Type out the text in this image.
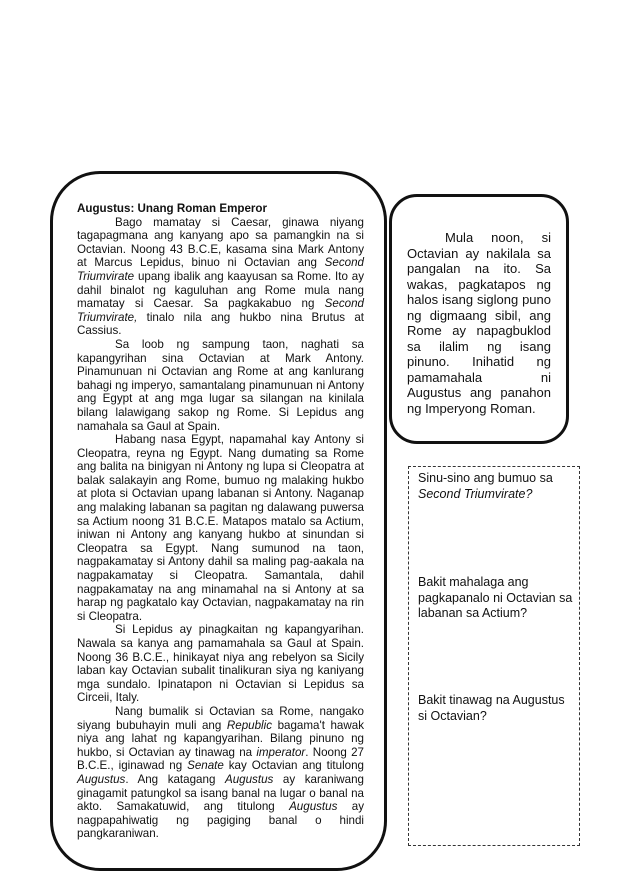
Augustus: Unang Roman Emperor

Bago mamatay si Caesar, ginawa niyang tagapagmana ang kanyang apo sa pamangkin na si Octavian. Noong 43 B.C.E, kasama sina Mark Antony at Marcus Lepidus, binuo ni Octavian ang Second Triumvirate upang ibalik ang kaayusan sa Rome. Ito ay dahil binalot ng kaguluhan ang Rome mula nang mamatay si Caesar. Sa pagkakabuo ng Second Triumvirate, tinalo nila ang hukbo nina Brutus at Cassius.

Sa loob ng sampung taon, naghati sa kapangyrihan sina Octavian at Mark Antony. Pinamunuan ni Octavian ang Rome at ang kanlurang bahagi ng imperyo, samantalang pinamunuan ni Antony ang Egypt at ang mga lugar sa silangan na kinilala bilang lalawigang sakop ng Rome. Si Lepidus ang namahala sa Gaul at Spain.

Habang nasa Egypt, napamahal kay Antony si Cleopatra, reyna ng Egypt. Nang dumating sa Rome ang balita na binigyan ni Antony ng lupa si Cleopatra at balak salakayin ang Rome, bumuo ng malaking hukbo at plota si Octavian upang labanan si Antony. Naganap ang malaking labanan sa pagitan ng dalawang puwersa sa Actium noong 31 B.C.E. Matapos matalo sa Actium, iniwan ni Antony ang kanyang hukbo at sinundan si Cleopatra sa Egypt. Nang sumunod na taon, nagpakamatay si Antony dahil sa maling pag-aakala na nagpakamatay si Cleopatra. Samantala, dahil nagpakamatay na ang minamahal na si Antony at sa harap ng pagkatalo kay Octavian, nagpakamatay na rin si Cleopatra.

Si Lepidus ay pinagkaitan ng kapangyarihan. Nawala sa kanya ang pamamahala sa Gaul at Spain. Noong 36 B.C.E., hinikayat niya ang rebelyon sa Sicily laban kay Octavian subalit tinalikuran siya ng kaniyang mga sundalo. Ipinatapon ni Octavian si Lepidus sa Circeii, Italy.

Nang bumalik si Octavian sa Rome, nangako siyang bubuhayin muli ang Republic bagama't hawak niya ang lahat ng kapangyarihan. Bilang pinuno ng hukbo, si Octavian ay tinawag na imperator. Noong 27 B.C.E., iginawad ng Senate kay Octavian ang titulong Augustus. Ang katagang Augustus ay karaniwang ginagamit patungkol sa isang banal na lugar o banal na akto. Samakatuwid, ang titulong Augustus ay nagpapahiwatig ng pagiging banal o hindi pangkaraniwan.

Mula noon, si Octavian ay nakilala sa pangalan na ito. Sa wakas, pagkatapos ng halos isang siglong puno ng digmaang sibil, ang Rome ay napagbuklod sa ilalim ng isang pinuno. Inihatid ng pamamahala ni Augustus ang panahon ng Imperyong Roman.

Sinu-sino ang bumuo sa Second Triumvirate?

Bakit mahalaga ang pagkapanalo ni Octavian sa labanan sa Actium?

Bakit tinawag na Augustus si Octavian?
